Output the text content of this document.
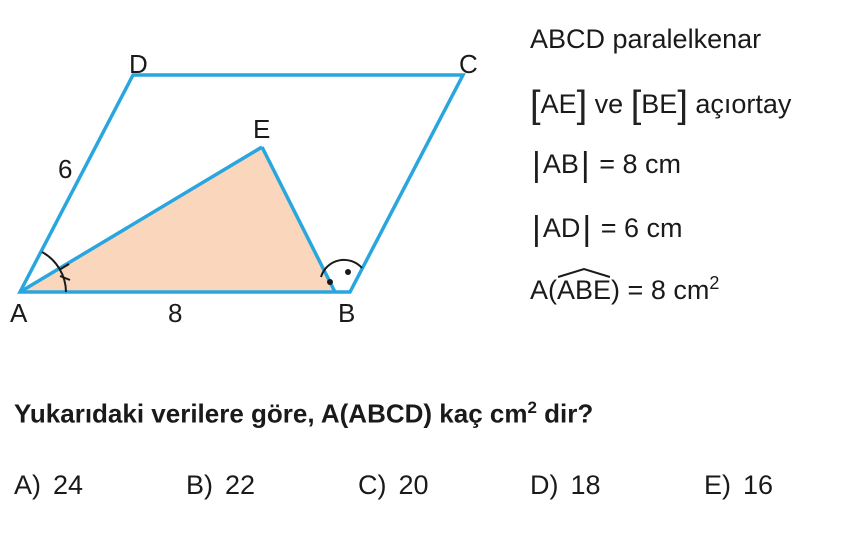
A	B
C
D
E
6
8
ABCD paralelkenar
[AE] ve [BE] açıortay
|AB| = 8 cm
|AD| = 6 cm
A(
ABE) = 8 $cm^2$
Yukarıdaki verilere göre, A(ABCD) kaç $cm^2$ dir?
A) 24	B) 22	C) 20	D) 18	E) 16
